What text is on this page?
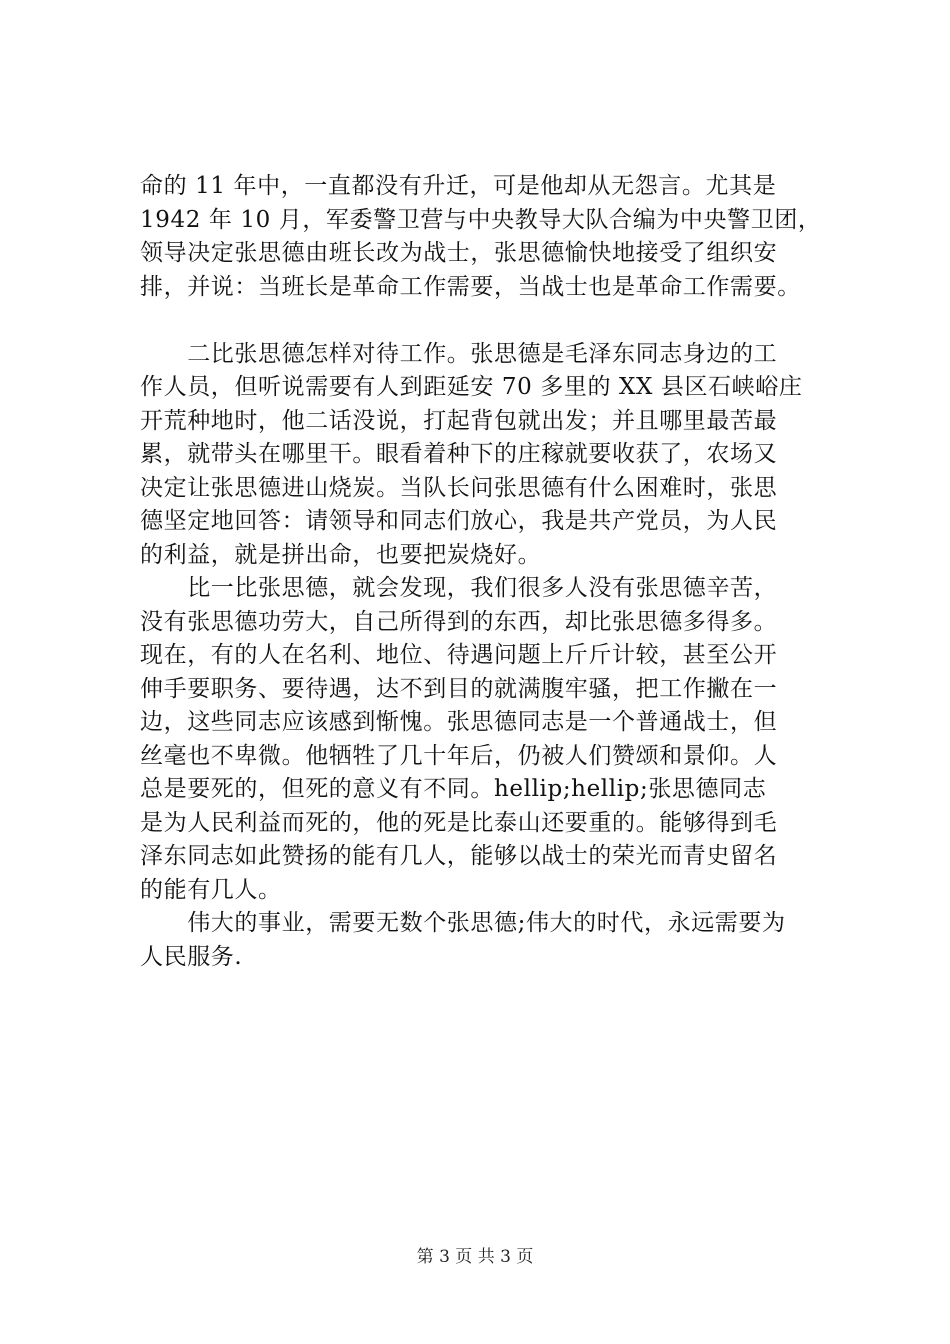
命的 11 年中，一直都没有升迁，可是他却从无怨言。尤其是
1942 年 10 月，军委警卫营与中央教导大队合编为中央警卫团，
领导决定张思德由班长改为战士，张思德愉快地接受了组织安
排，并说：当班长是革命工作需要，当战士也是革命工作需要。
　　二比张思德怎样对待工作。张思德是毛泽东同志身边的工
作人员，但听说需要有人到距延安 70 多里的 XX 县区石峡峪庄
开荒种地时，他二话没说，打起背包就出发；并且哪里最苦最
累，就带头在哪里干。眼看着种下的庄稼就要收获了，农场又
决定让张思德进山烧炭。当队长问张思德有什么困难时，张思
德坚定地回答：请领导和同志们放心，我是共产党员，为人民
的利益，就是拼出命，也要把炭烧好。
　　比一比张思德，就会发现，我们很多人没有张思德辛苦，
没有张思德功劳大，自己所得到的东西，却比张思德多得多。
现在，有的人在名利、地位、待遇问题上斤斤计较，甚至公开
伸手要职务、要待遇，达不到目的就满腹牢骚，把工作撇在一
边，这些同志应该感到惭愧。张思德同志是一个普通战士，但
丝毫也不卑微。他牺牲了几十年后，仍被人们赞颂和景仰。人
总是要死的，但死的意义有不同。hellip;hellip;张思德同志
是为人民利益而死的，他的死是比泰山还要重的。能够得到毛
泽东同志如此赞扬的能有几人，能够以战士的荣光而青史留名
的能有几人。
　　伟大的事业，需要无数个张思德;伟大的时代，永远需要为
人民服务.
第 3 页 共 3 页
